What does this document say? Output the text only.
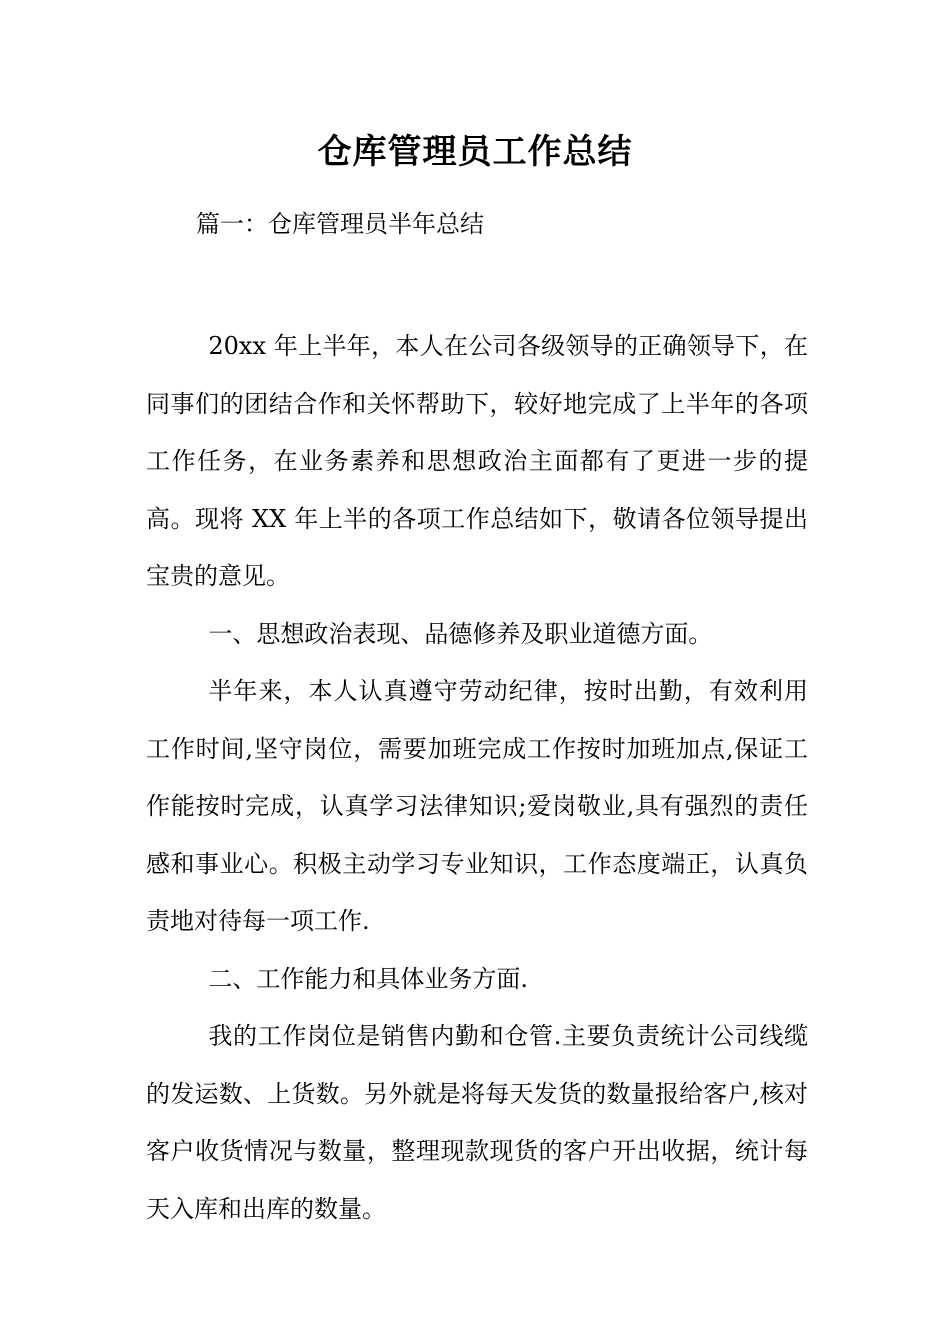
仓库管理员工作总结

篇一：仓库管理员半年总结

20xx 年上半年，本人在公司各级领导的正确领导下，在同事们的团结合作和关怀帮助下，较好地完成了上半年的各项工作任务，在业务素养和思想政治主面都有了更进一步的提高。现将 XX 年上半的各项工作总结如下，敬请各位领导提出宝贵的意见。

一、思想政治表现、品德修养及职业道德方面。

半年来，本人认真遵守劳动纪律，按时出勤，有效利用工作时间,坚守岗位，需要加班完成工作按时加班加点,保证工作能按时完成，认真学习法律知识;爱岗敬业,具有强烈的责任感和事业心。积极主动学习专业知识，工作态度端正，认真负责地对待每一项工作.

二、工作能力和具体业务方面.

我的工作岗位是销售内勤和仓管.主要负责统计公司线缆的发运数、上货数。另外就是将每天发货的数量报给客户,核对客户收货情况与数量，整理现款现货的客户开出收据，统计每天入库和出库的数量。
